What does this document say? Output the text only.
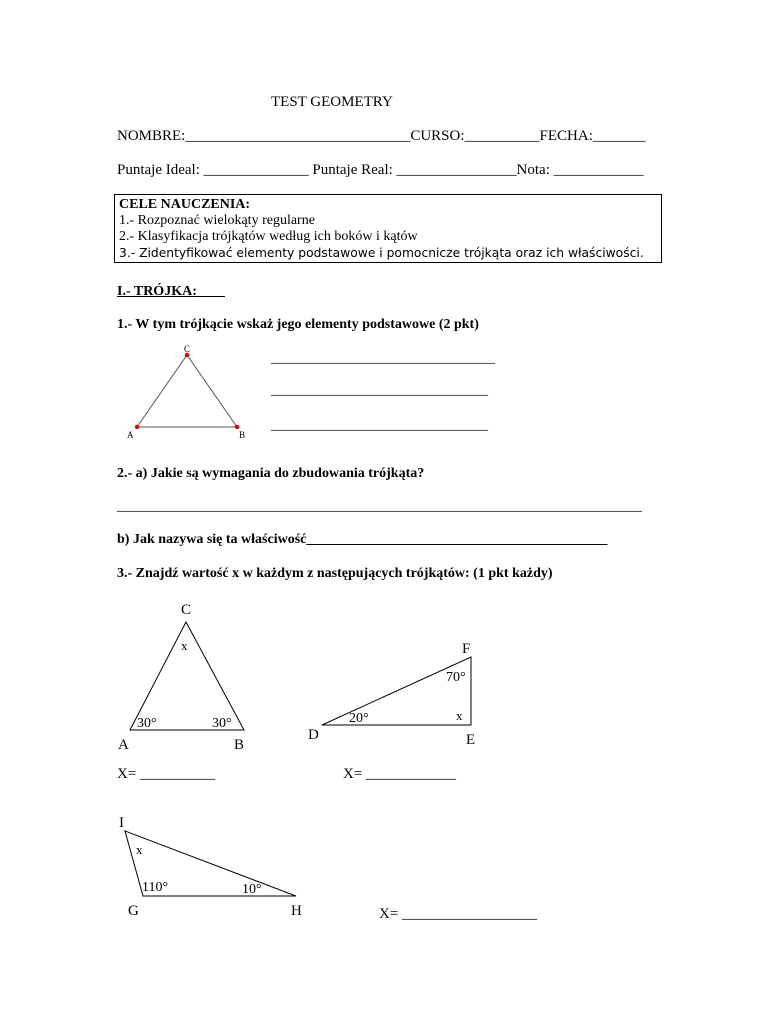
TEST GEOMETRY
NOMBRE:______________________________CURSO:__________FECHA:_______
Puntaje Ideal: ______________ Puntaje Real: ________________Nota: ____________
CELE NAUCZENIA:
1.- Rozpoznać wielokąty regularne
2.- Klasyfikacja trójkątów według ich boków i kątów
3.- Zidentyfikować elementy podstawowe i pomocnicze trójkąta oraz ich właściwości.
I.- TRÓJKA:____
1.- W tym trójkącie wskaż jego elementy podstawowe (2 pkt)
C
A	B
________________________________
_______________________________
_______________________________
2.- a) Jakie są wymagania do zbudowania trójkąta?
___________________________________________________________________________
b) Jak nazywa się ta właściwość___________________________________________
3.- Znajdź wartość x w każdym z następujących trójkątów: (1 pkt każdy)
C
x
30°	30°
A	B
F
70°
20°	x
D	E
X= __________	X= ____________
I
x
110°	10°
G	H	X= __________________
